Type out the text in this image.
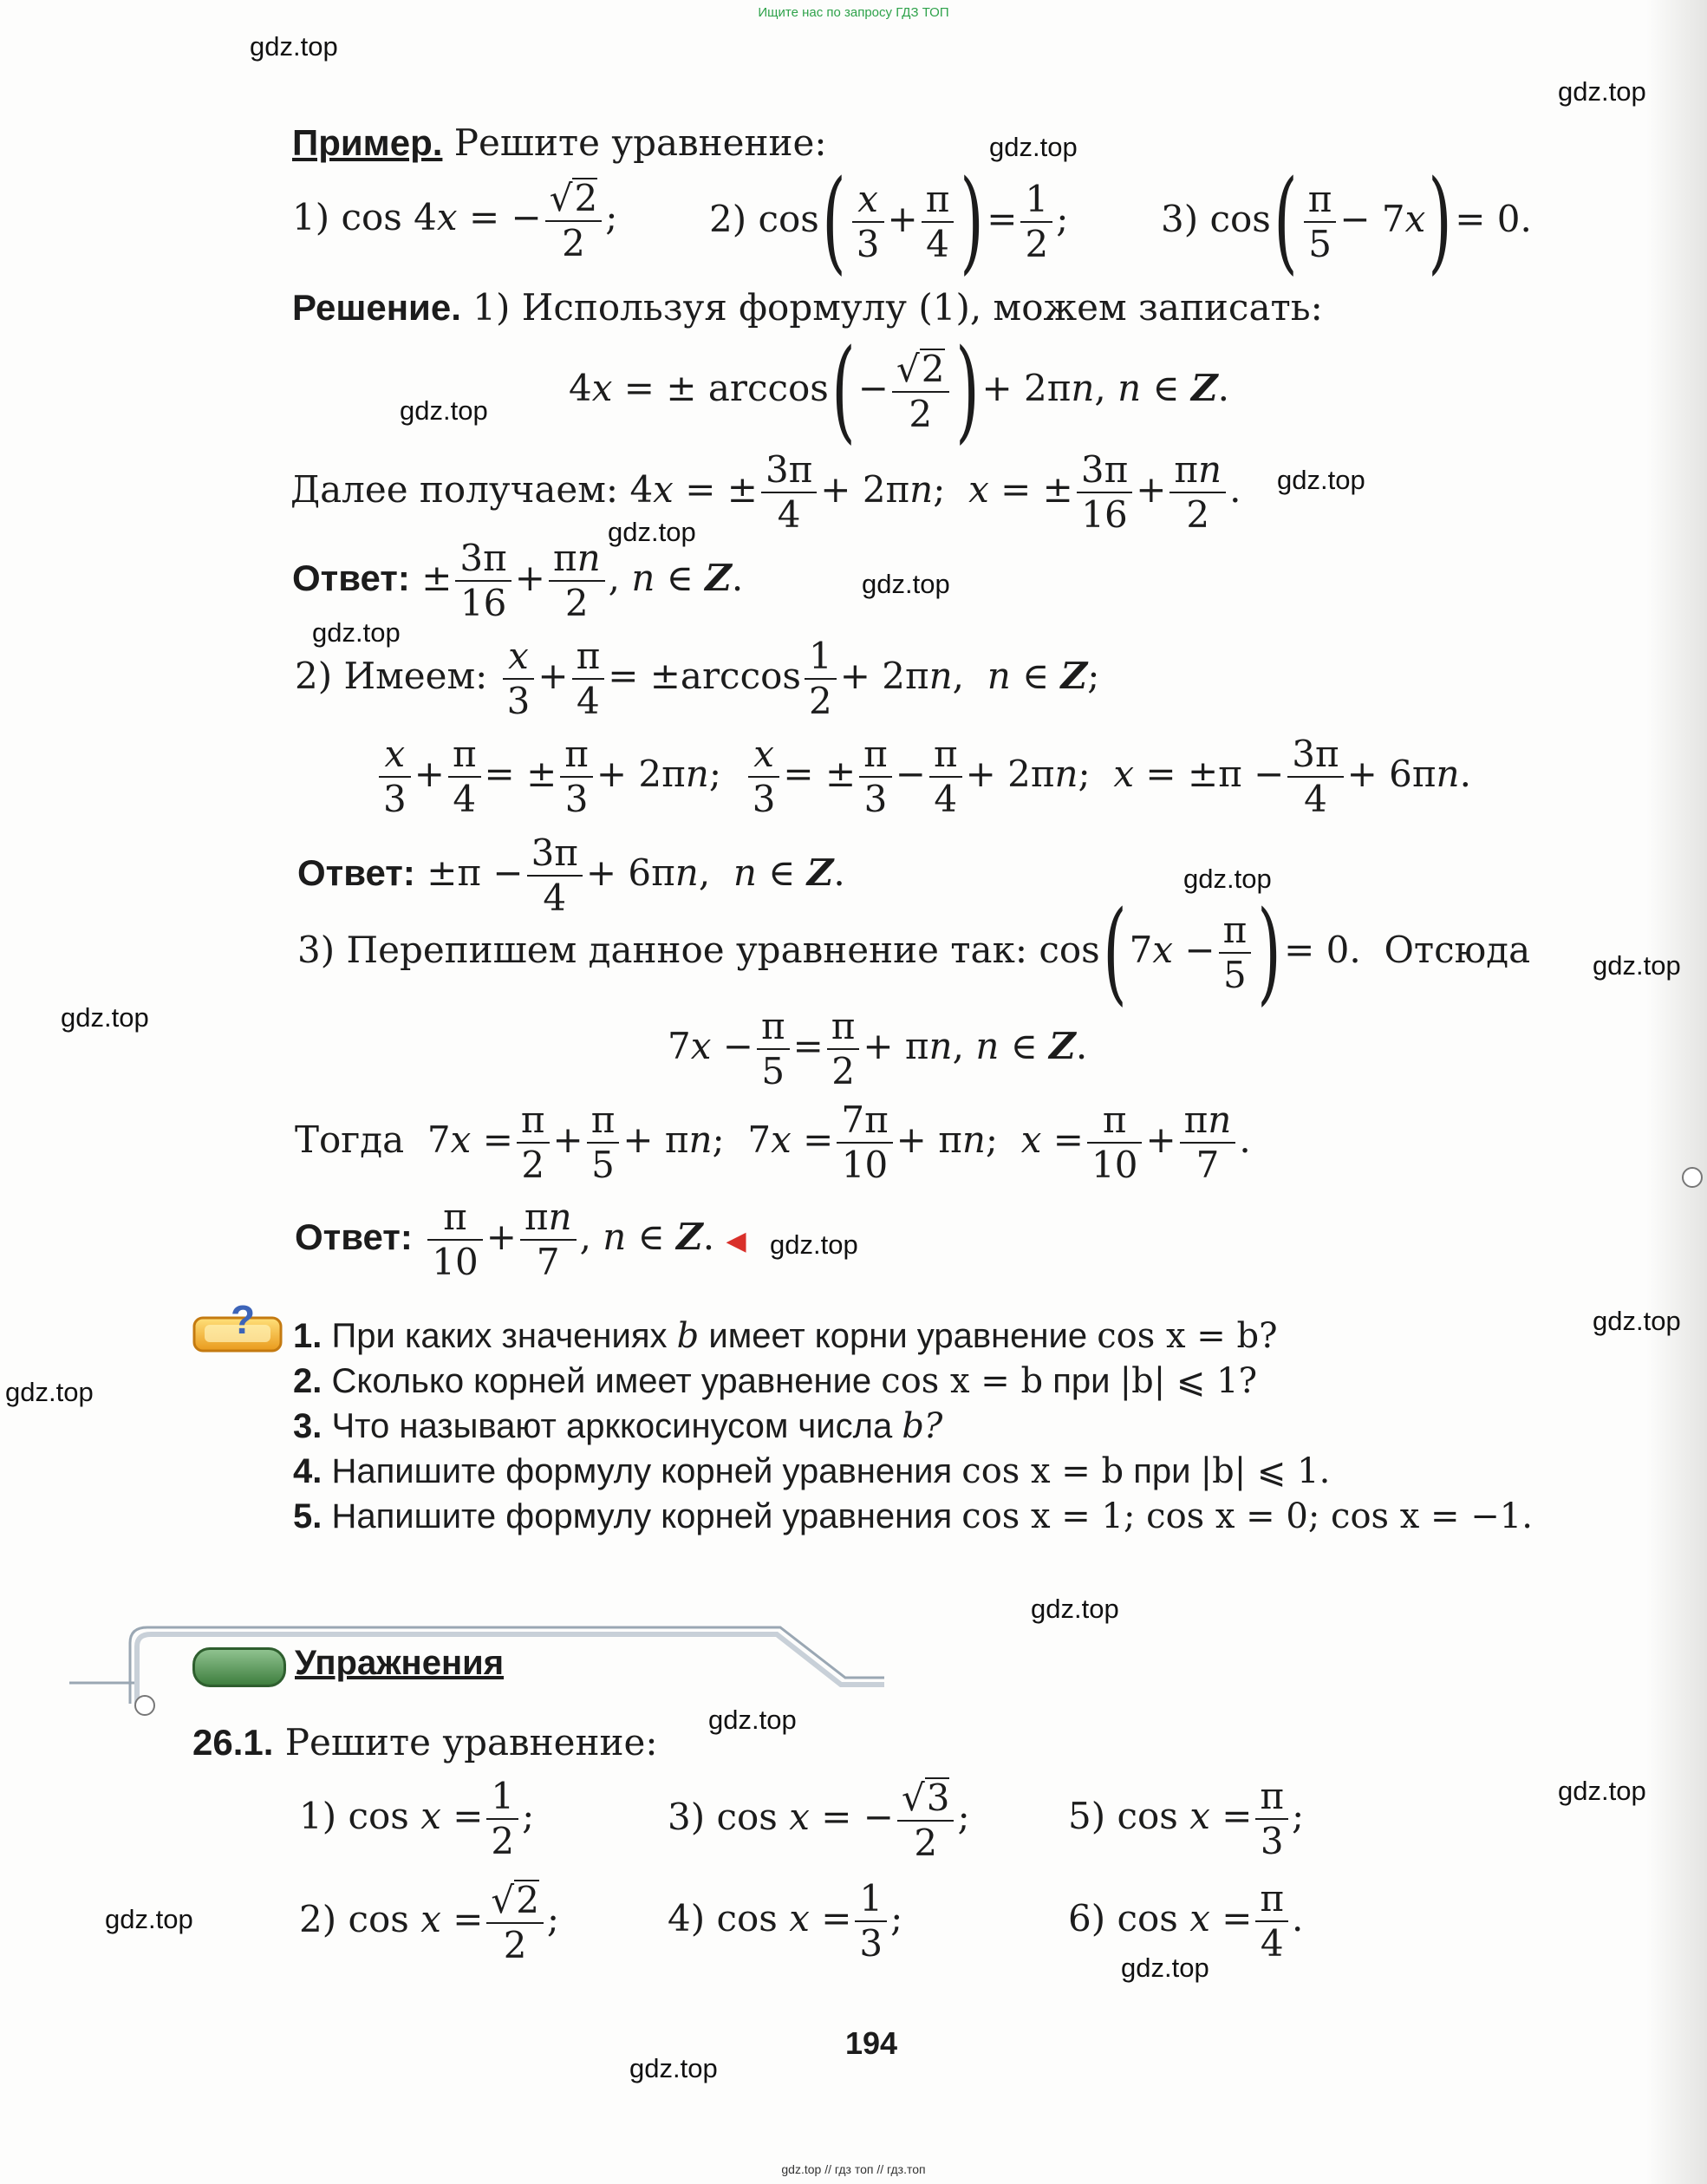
Ищите нас по запросу ГДЗ ТОП
gdz.top
gdz.top
gdz.top
gdz.top
gdz.top
gdz.top
gdz.top
gdz.top
gdz.top
gdz.top
gdz.top
gdz.top
gdz.top
gdz.top
gdz.top
gdz.top
gdz.top
gdz.top
gdz.top
gdz.top
Пример. Решите уравнение:
1) cos 4x = − $\frac{√2}{2}$ ;	2) $\cos( \frac{x}{3} + \frac{\pi}{4}$ )= $\frac{1}{2}$ ;	3) $\cos( \frac{\pi}{5} - 7x)= 0$.
Решение. 1) Используя формулу (1), можем записать:
4x = ± $\arccos(- \frac{√2}{2}$ )+ 2πn, n ∈ Z.
Далее получаем: 4x = ± $\frac{3\pi}{4} + 2\pi n$;  x = ± $\frac{3\pi}{16} + \frac{\pi n}{2}$ .
Ответ: ± $\frac{3\pi}{16} + \frac{\pi n}{2}$ , n ∈ Z.
2) Имеем: $\frac{x}{3} + \frac{\pi}{4} = \pm\arccos \frac{1}{2} + 2\pi n$,  n ∈ Z;
$\frac{x}{3} + \frac{\pi}{4}$ = ± $\frac{\pi}{3} + 2\pi n$; $\frac{x}{3}$ = ± $\frac{\pi}{3} - \frac{\pi}{4} + 2\pi n$;  $x = \pm\pi - \frac{3\pi}{4} + 6\pi n$.
Ответ: $\pm\pi - \frac{3\pi}{4} + 6\pi n$,  n ∈ Z.
3) Перепишем данное уравнение так: $\cos(7x - \frac{\pi}{5}$ )= 0.  Отсюда
$7x - \frac{\pi}{5} = \frac{\pi}{2} + \pi n$, n ∈ Z.
Тогда  $7x = \frac{\pi}{2} + \frac{\pi}{5} + \pi n$;  $7x = \frac{7\pi}{10} + \pi n$;  $x = \frac{\pi}{10} + \frac{\pi n}{7}$ .
Ответ: $\frac{\pi}{10} + \frac{\pi n}{7}$ , n ∈ Z. ◀
? 1. При каких значениях b имеет корни уравнение cos x = b?
2. Сколько корней имеет уравнение cos x = b при |b| ⩽ 1?
3. Что называют арккосинусом числа b?
4. Напишите формулу корней уравнения cos x = b при |b| ⩽ 1.
5. Напишите формулу корней уравнения cos x = 1; cos x = 0; cos x = −1.
Упражнения
26.1. Решите уравнение:
1) $\cos x = \frac{1}{2}$ ;	3) cos x = − $\frac{√3}{2}$ ;	5) $\cos x = \frac{\pi}{3}$ ;
2) $\cos x = \frac{√2}{2}$ ;	4) $\cos x = \frac{1}{3}$ ;	6) $\cos x = \frac{\pi}{4}$ .
194
gdz.top // гдз топ // гдз.топ
